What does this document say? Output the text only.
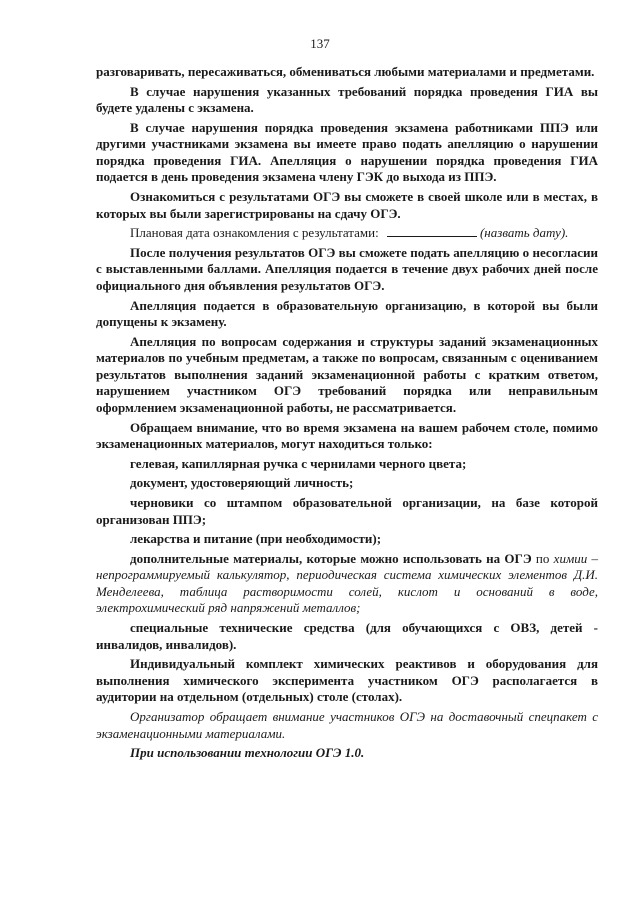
137

разговаривать, пересаживаться, обмениваться любыми материалами и предметами.

В случае нарушения указанных требований порядка проведения ГИА вы будете удалены с экзамена.

В случае нарушения порядка проведения экзамена работниками ППЭ или другими участниками экзамена вы имеете право подать апелляцию о нарушении порядка проведения ГИА. Апелляция о нарушении порядка проведения ГИА подается в день проведения экзамена члену ГЭК до выхода из ППЭ.

Ознакомиться с результатами ОГЭ вы сможете в своей школе или в местах, в которых вы были зарегистрированы на сдачу ОГЭ.

Плановая дата ознакомления с результатами:	(назвать дату).

После получения результатов ОГЭ вы сможете подать апелляцию о несогласии с выставленными баллами. Апелляция подается в течение двух рабочих дней после официального дня объявления результатов ОГЭ.

Апелляция подается в образовательную организацию, в которой вы были допущены к экзамену.

Апелляция по вопросам содержания и структуры заданий экзаменационных материалов по учебным предметам, а также по вопросам, связанным с оцениванием результатов выполнения заданий экзаменационной работы с кратким ответом, нарушением участником ОГЭ требований порядка или неправильным оформлением экзаменационной работы, не рассматривается.

Обращаем внимание, что во время экзамена на вашем рабочем столе, помимо экзаменационных материалов, могут находиться только:

гелевая, капиллярная ручка с чернилами черного цвета;

документ, удостоверяющий личность;

черновики со штампом образовательной организации, на базе которой организован ППЭ;

лекарства и питание (при необходимости);

дополнительные материалы, которые можно использовать на ОГЭ по химии – непрограммируемый калькулятор, периодическая система химических элементов Д.И. Менделеева, таблица растворимости солей, кислот и оснований в воде, электрохимический ряд напряжений металлов;

специальные технические средства (для обучающихся с ОВЗ, детей - инвалидов, инвалидов).

Индивидуальный комплект химических реактивов и оборудования для выполнения химического эксперимента участником ОГЭ располагается в аудитории на отдельном (отдельных) столе (столах).

Организатор обращает внимание участников ОГЭ на доставочный спецпакет с экзаменационными материалами.

При использовании технологии ОГЭ 1.0.
